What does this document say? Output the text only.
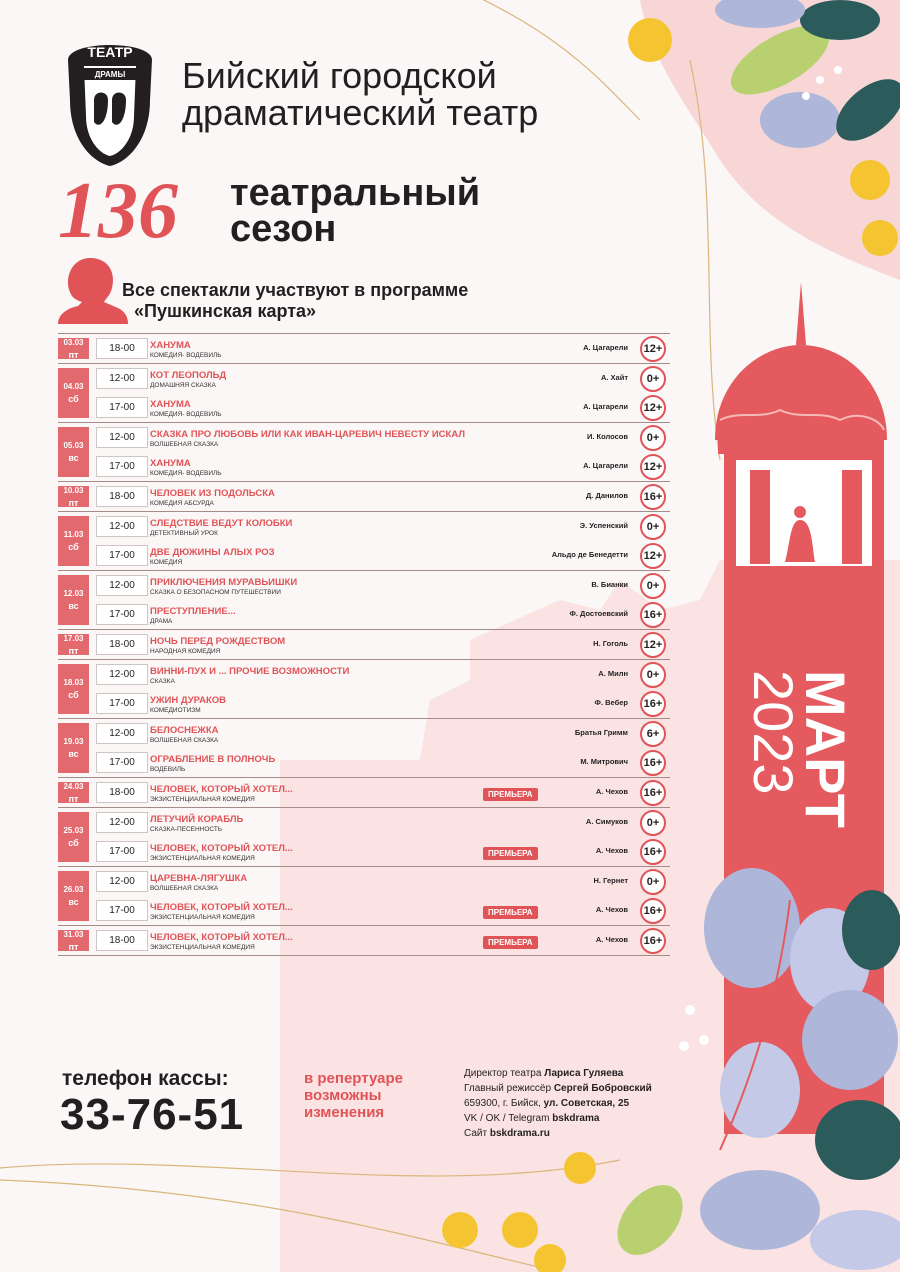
ДРАМЫ
ТЕАТР
Бийский городской
драматический театр
136 театральный
сезон
Все спектакли участвуют в программе
«Пушкинская карта»
03.03
пт
18-00	ХАНУМА
КОМЕДИЯ- ВОДЕВИЛЬ
А. Цагарели	12+
04.03
сб
12-00	КОТ ЛЕОПОЛЬД
ДОМАШНЯЯ СКАЗКА
А. Хайт	0+
17-00	ХАНУМА
КОМЕДИЯ- ВОДЕВИЛЬ
А. Цагарели	12+
05.03
вс
12-00	СКАЗКА ПРО ЛЮБОВЬ ИЛИ КАК ИВАН-ЦАРЕВИЧ НЕВЕСТУ ИСКАЛ
ВОЛШЕБНАЯ СКАЗКА
И. Колосов	0+
17-00	ХАНУМА
КОМЕДИЯ- ВОДЕВИЛЬ
А. Цагарели	12+
10.03
пт
18-00	ЧЕЛОВЕК ИЗ ПОДОЛЬСКА
КОМЕДИЯ АБСУРДА
Д. Данилов	16+
11.03
сб
12-00	СЛЕДСТВИЕ ВЕДУТ КОЛОБКИ
ДЕТЕКТИВНЫЙ УРОК
Э. Успенский	0+
17-00	ДВЕ ДЮЖИНЫ АЛЫХ РОЗ
КОМЕДИЯ
Альдо де Бенедетти	12+
12.03
вс
12-00	ПРИКЛЮЧЕНИЯ МУРАВЬИШКИ
СКАЗКА О БЕЗОПАСНОМ ПУТЕШЕСТВИИ
В. Бианки	0+
17-00	ПРЕСТУПЛЕНИЕ...
ДРАМА
Ф. Достоевский	16+
17.03
пт
18-00	НОЧЬ ПЕРЕД РОЖДЕСТВОМ
НАРОДНАЯ КОМЕДИЯ
Н. Гоголь	12+
18.03
сб
12-00	ВИННИ-ПУХ И ... ПРОЧИЕ ВОЗМОЖНОСТИ
СКАЗКА
А. Милн	0+
17-00	УЖИН ДУРАКОВ
КОМЕДИОТИЗМ
Ф. Вебер	16+
19.03
вс
12-00	БЕЛОСНЕЖКА
ВОЛШЕБНАЯ СКАЗКА
Братья Гримм	6+
17-00	ОГРАБЛЕНИЕ В ПОЛНОЧЬ
ВОДЕВИЛЬ
М. Митрович	16+
24.03
пт
18-00	ЧЕЛОВЕК, КОТОРЫЙ ХОТЕЛ...
ЭКЗИСТЕНЦИАЛЬНАЯ КОМЕДИЯ
ПРЕМЬЕРА	А. Чехов	16+
25.03
сб
12-00	ЛЕТУЧИЙ КОРАБЛЬ
СКАЗКА-ПЕСЕННОСТЬ
А. Симуков	0+
17-00	ЧЕЛОВЕК, КОТОРЫЙ ХОТЕЛ...
ЭКЗИСТЕНЦИАЛЬНАЯ КОМЕДИЯ
ПРЕМЬЕРА	А. Чехов	16+
26.03
вс
12-00	ЦАРЕВНА-ЛЯГУШКА
ВОЛШЕБНАЯ СКАЗКА
Н. Гернет	0+
17-00	ЧЕЛОВЕК, КОТОРЫЙ ХОТЕЛ...
ЭКЗИСТЕНЦИАЛЬНАЯ КОМЕДИЯ
ПРЕМЬЕРА	А. Чехов	16+
31.03
пт
18-00	ЧЕЛОВЕК, КОТОРЫЙ ХОТЕЛ...
ЭКЗИСТЕНЦИАЛЬНАЯ КОМЕДИЯ
ПРЕМЬЕРА	А. Чехов	16+
МАРТ
2023
телефон кассы:
33-76-51
в репертуаре
возможны
изменения
Директор театра Лариса Гуляева
Главный режиссёр Сергей Бобровский
659300, г. Бийск, ул. Советская, 25
VK / OK / Telegram bskdrama
Сайт bskdrama.ru
